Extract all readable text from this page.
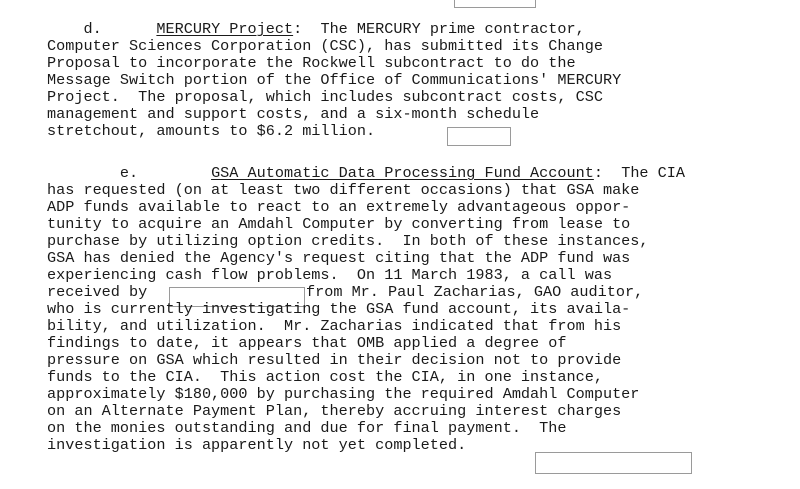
d.      MERCURY Project:  The MERCURY prime contractor,
Computer Sciences Corporation (CSC), has submitted its Change
Proposal to incorporate the Rockwell subcontract to do the
Message Switch portion of the Office of Communications' MERCURY
Project.  The proposal, which includes subcontract costs, CSC
management and support costs, and a six-month schedule
stretchout, amounts to $6.2 million.
e.	GSA Automatic Data Processing Fund Account:  The CIA
has requested (on at least two different occasions) that GSA make
ADP funds available to react to an extremely advantageous oppor-
tunity to acquire an Amdahl Computer by converting from lease to
purchase by utilizing option credits.  In both of these instances,
GSA has denied the Agency's request citing that the ADP fund was
experiencing cash flow problems.  On 11 March 1983, a call was
received by	from Mr. Paul Zacharias, GAO auditor,
who is currently investigating the GSA fund account, its availa-
bility, and utilization.  Mr. Zacharias indicated that from his
findings to date, it appears that OMB applied a degree of
pressure on GSA which resulted in their decision not to provide
funds to the CIA.  This action cost the CIA, in one instance,
approximately $180,000 by purchasing the required Amdahl Computer
on an Alternate Payment Plan, thereby accruing interest charges
on the monies outstanding and due for final payment.  The
investigation is apparently not yet completed.
